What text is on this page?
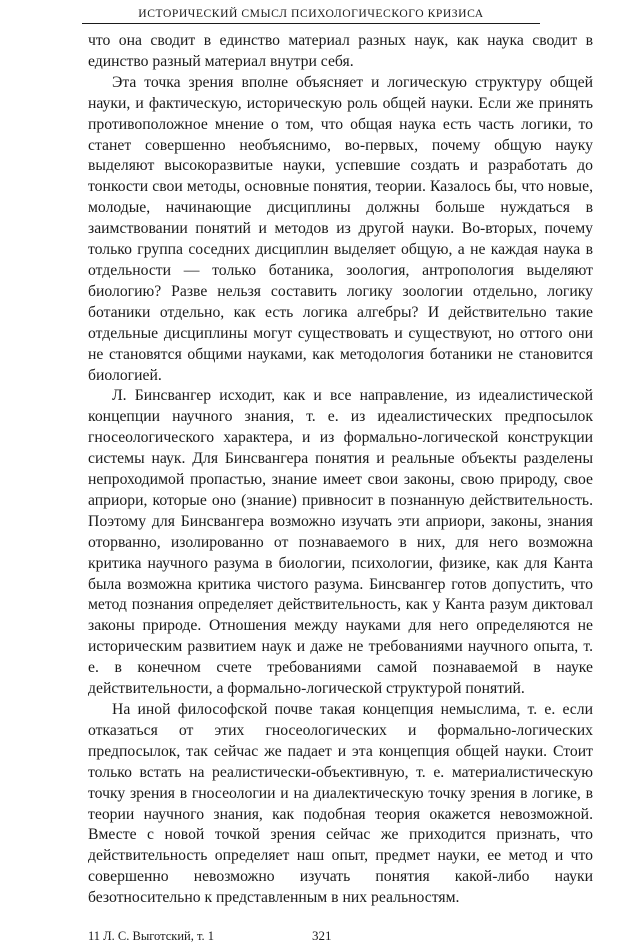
ИСТОРИЧЕСКИЙ СМЫСЛ ПСИХОЛОГИЧЕСКОГО КРИЗИСА

что она сводит в единство материал разных наук, как наука сводит в единство разный материал внутри себя.

Эта точка зрения вполне объясняет и логическую структуру общей науки, и фактическую, историческую роль общей науки. Если же принять противоположное мнение о том, что общая наука есть часть логики, то станет совершенно необъяснимо, во-первых, почему общую науку выделяют высокоразвитые науки, успевшие создать и разработать до тонкости свои методы, основные понятия, теории. Казалось бы, что новые, молодые, начинающие дисциплины должны больше нуждаться в заимствовании понятий и методов из другой науки. Во-вторых, почему только группа соседних дисциплин выделяет общую, а не каждая наука в отдельности — только ботаника, зоология, антропология выделяют биологию? Разве нельзя составить логику зоологии отдельно, логику ботаники отдельно, как есть логика алгебры? И действительно такие отдельные дисциплины могут существовать и существуют, но оттого они не становятся общими науками, как методология ботаники не становится биологией.

Л. Бинсвангер исходит, как и все направление, из идеалистической концепции научного знания, т. е. из идеалистических предпосылок гносеологического характера, и из формально-логической конструкции системы наук. Для Бинсвангера понятия и реальные объекты разделены непроходимой пропастью, знание имеет свои законы, свою природу, свое априори, которые оно (знание) привносит в познанную действительность. Поэтому для Бинсвангера возможно изучать эти априори, законы, знания оторванно, изолированно от познаваемого в них, для него возможна критика научного разума в биологии, психологии, физике, как для Канта была возможна критика чистого разума. Бинсвангер готов допустить, что метод познания определяет действительность, как у Канта разум диктовал законы природе. Отношения между науками для него определяются не историческим развитием наук и даже не требованиями научного опыта, т. е. в конечном счете требованиями самой познаваемой в науке действительности, а формально-логической структурой понятий.

На иной философской почве такая концепция немыслима, т. е. если отказаться от этих гносеологических и формально-логических предпосылок, так сейчас же падает и эта концепция общей науки. Стоит только встать на реалистически-объективную, т. е. материалистическую точку зрения в гносеологии и на диалектическую точку зрения в логике, в теории научного знания, как подобная теория окажется невозможной. Вместе с новой точкой зрения сейчас же приходится признать, что действительность определяет наш опыт, предмет науки, ее метод и что совершенно невозможно изучать понятия какой-либо науки безотносительно к представленным в них реальностям.

11 Л. С. Выготский, т. 1	321
